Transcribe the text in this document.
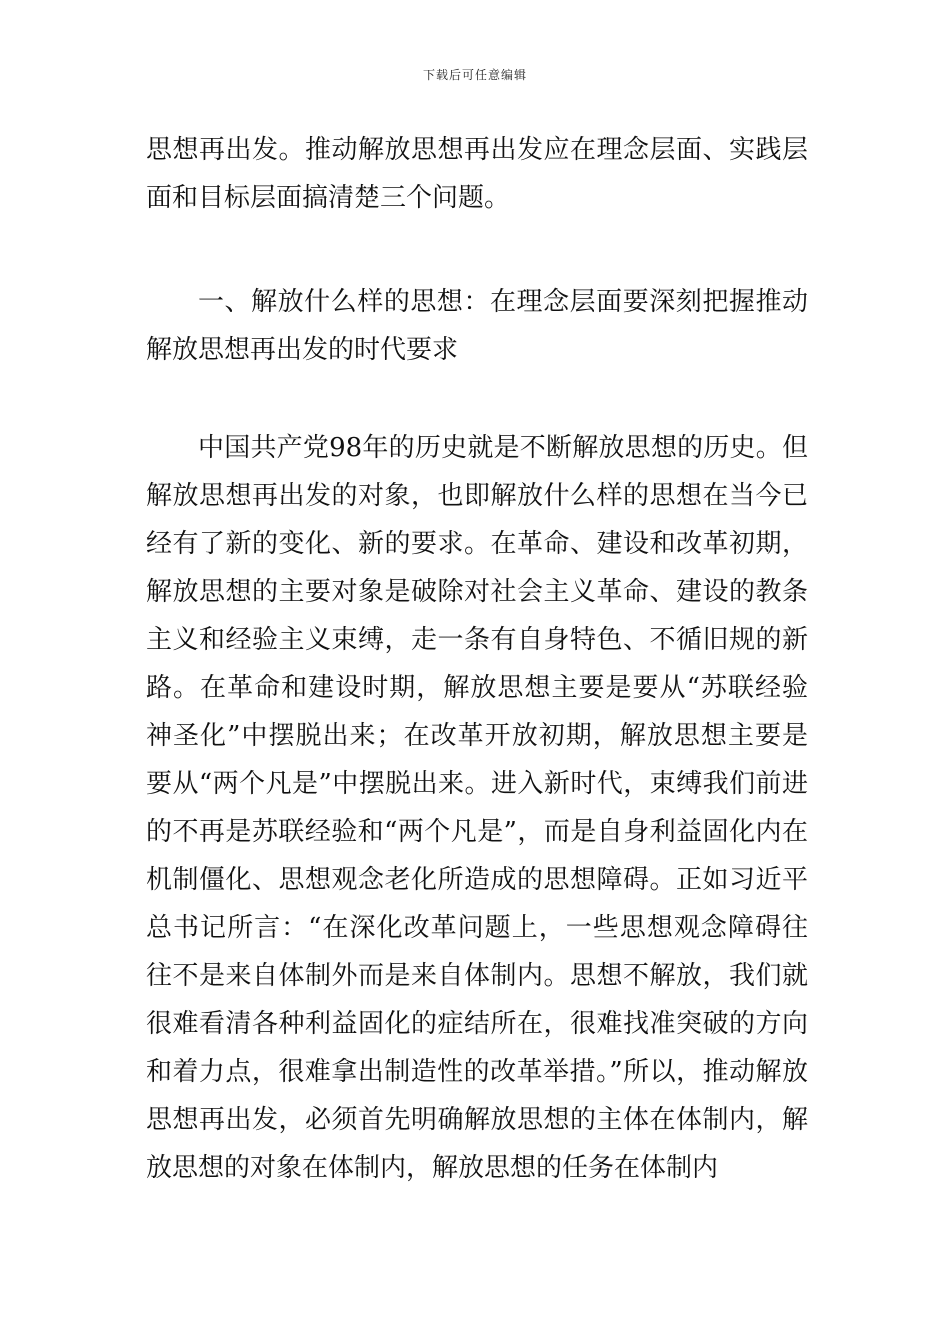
下载后可任意编辑

思想再出发。推动解放思想再出发应在理念层面、实践层面和目标层面搞清楚三个问题。

一、解放什么样的思想：在理念层面要深刻把握推动解放思想再出发的时代要求

中国共产党98年的历史就是不断解放思想的历史。但解放思想再出发的对象，也即解放什么样的思想在当今已经有了新的变化、新的要求。在革命、建设和改革初期，解放思想的主要对象是破除对社会主义革命、建设的教条主义和经验主义束缚，走一条有自身特色、不循旧规的新路。在革命和建设时期，解放思想主要是要从“苏联经验神圣化”中摆脱出来；在改革开放初期，解放思想主要是要从“两个凡是”中摆脱出来。进入新时代，束缚我们前进的不再是苏联经验和“两个凡是”，而是自身利益固化内在机制僵化、思想观念老化所造成的思想障碍。正如习近平总书记所言：“在深化改革问题上，一些思想观念障碍往往不是来自体制外而是来自体制内。思想不解放，我们就很难看清各种利益固化的症结所在，很难找准突破的方向和着力点，很难拿出制造性的改革举措。”所以，推动解放思想再出发，必须首先明确解放思想的主体在体制内，解放思想的对象在体制内，解放思想的任务在体制内
